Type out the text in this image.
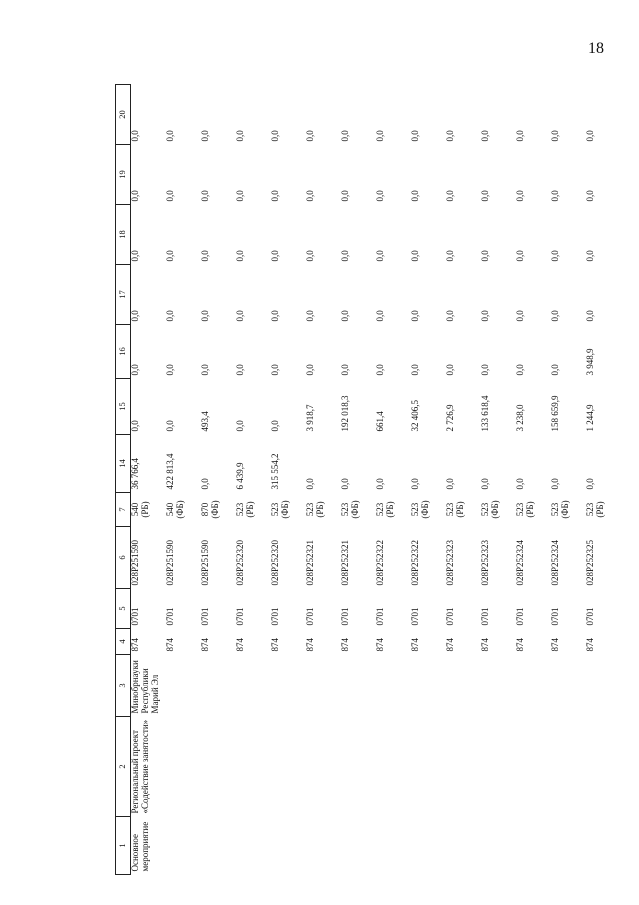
18
1	2	3	4	5	6	7	14	15	16	17	18	19	20
Основное мероприятие	Региональный проект «Содействие занятости»	Минобрнауки Республики Марий Эл	874	0701	028P251590	540 (РБ)	36 766,4	0,0	0,0	0,0	0,0	0,0	0,0
			874	0701	028P251590	540 (ФБ)	422 813,4	0,0	0,0	0,0	0,0	0,0	0,0
			874	0701	028P251590	870 (ФБ)	0,0	493,4	0,0	0,0	0,0	0,0	0,0
			874	0701	028P252320	523 (РБ)	6 439,9	0,0	0,0	0,0	0,0	0,0	0,0
			874	0701	028P252320	523 (ФБ)	315 554,2	0,0	0,0	0,0	0,0	0,0	0,0
			874	0701	028P252321	523 (РБ)	0,0	3 918,7	0,0	0,0	0,0	0,0	0,0
			874	0701	028P252321	523 (ФБ)	0,0	192 018,3	0,0	0,0	0,0	0,0	0,0
			874	0701	028P252322	523 (РБ)	0,0	661,4	0,0	0,0	0,0	0,0	0,0
			874	0701	028P252322	523 (ФБ)	0,0	32 406,5	0,0	0,0	0,0	0,0	0,0
			874	0701	028P252323	523 (РБ)	0,0	2 726,9	0,0	0,0	0,0	0,0	0,0
			874	0701	028P252323	523 (ФБ)	0,0	133 618,4	0,0	0,0	0,0	0,0	0,0
			874	0701	028P252324	523 (РБ)	0,0	3 238,0	0,0	0,0	0,0	0,0	0,0
			874	0701	028P252324	523 (ФБ)	0,0	158 659,9	0,0	0,0	0,0	0,0	0,0
			874	0701	028P252325	523 (РБ)	0,0	1 244,9	3 948,9	0,0	0,0	0,0	0,0
